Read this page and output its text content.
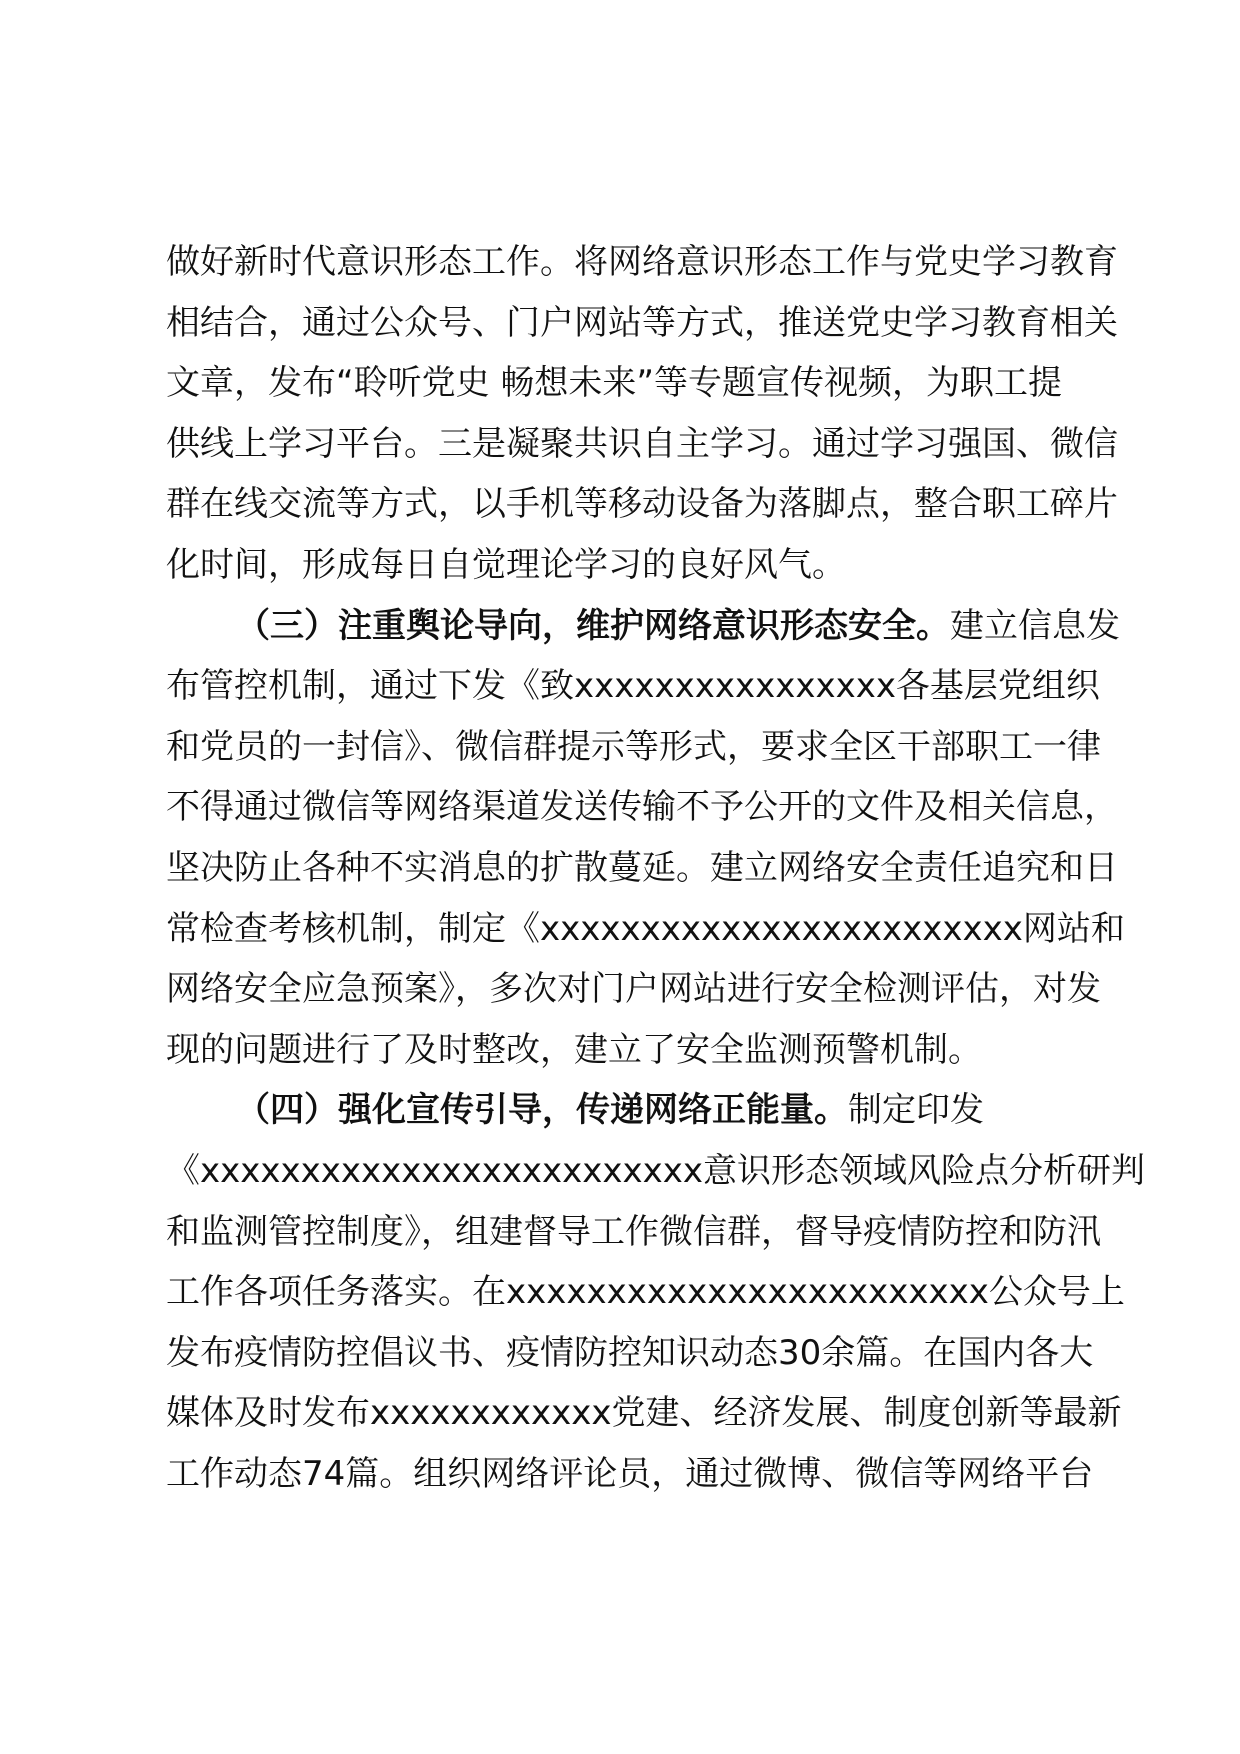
做好新时代意识形态工作。将网络意识形态工作与党史学习教育
相结合，通过公众号、门户网站等方式，推送党史学习教育相关
文章，发布“聆听党史 畅想未来”等专题宣传视频，为职工提
供线上学习平台。三是凝聚共识自主学习。通过学习强国、微信
群在线交流等方式，以手机等移动设备为落脚点，整合职工碎片
化时间，形成每日自觉理论学习的良好风气。
（三）注重舆论导向，维护网络意识形态安全。建立信息发
布管控机制，通过下发《致xxxxxxxxxxxxxxxx各基层党组织
和党员的一封信》、微信群提示等形式，要求全区干部职工一律
不得通过微信等网络渠道发送传输不予公开的文件及相关信息，
坚决防止各种不实消息的扩散蔓延。建立网络安全责任追究和日
常检查考核机制，制定《xxxxxxxxxxxxxxxxxxxxxxxx网站和
网络安全应急预案》，多次对门户网站进行安全检测评估，对发
现的问题进行了及时整改，建立了安全监测预警机制。
（四）强化宣传引导，传递网络正能量。制定印发
《xxxxxxxxxxxxxxxxxxxxxxxxx意识形态领域风险点分析研判
和监测管控制度》，组建督导工作微信群，督导疫情防控和防汛
工作各项任务落实。在xxxxxxxxxxxxxxxxxxxxxxxx公众号上
发布疫情防控倡议书、疫情防控知识动态30余篇。在国内各大
媒体及时发布xxxxxxxxxxxx党建、经济发展、制度创新等最新
工作动态74篇。组织网络评论员，通过微博、微信等网络平台
